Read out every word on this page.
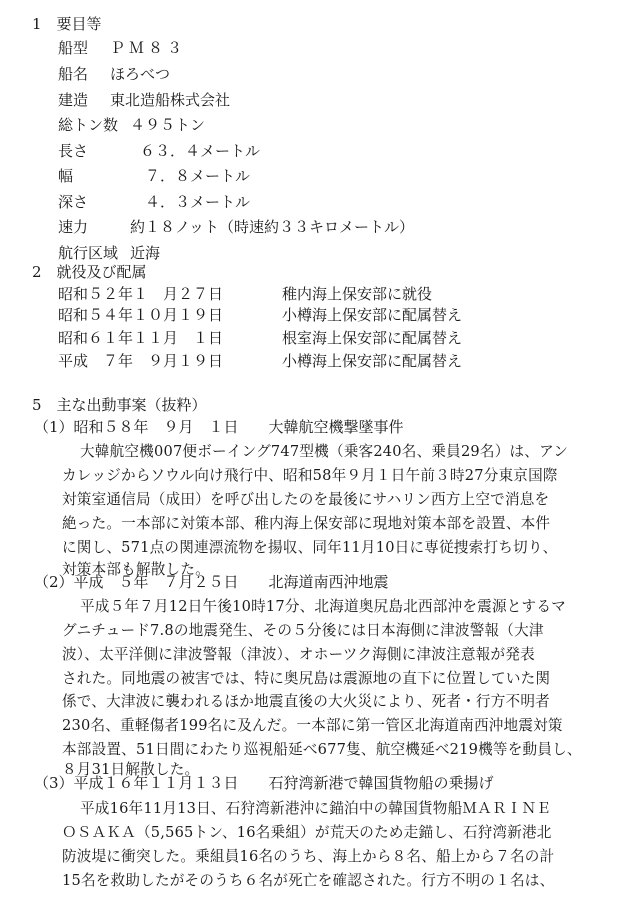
1　要目等
船型 ＰＭ８３
船名 ほろべつ
建造 東北造船株式会社
総トン数 ４９５トン
長さ	６３．４メートル
幅	７．８メートル
深さ	４．３メートル
速力	約１８ノット（時速約３３キロメートル）
航行区域 近海
2　就役及び配属
昭和５２年１　月２７日	稚内海上保安部に就役
昭和５４年１０月１９日	小樽海上保安部に配属替え
昭和６１年１１月　１日	根室海上保安部に配属替え
平成　７年　９月１９日	小樽海上保安部に配属替え
5　主な出動事案（抜粋）
（1）昭和５８年　９月　１日　　大韓航空機撃墜事件
大韓航空機007便ボーイング747型機（乗客240名、乗員29名）は、アン
カレッジからソウル向け飛行中、昭和58年９月１日午前３時27分東京国際
対策室通信局（成田）を呼び出したのを最後にサハリン西方上空で消息を
絶った。一本部に対策本部、稚内海上保安部に現地対策本部を設置、本件
に関し、571点の関連漂流物を揚収、同年11月10日に専従捜索打ち切り、
対策本部も解散した。
（2）平成　５年　７月２５日　　北海道南西沖地震
平成５年７月12日午後10時17分、北海道奥尻島北西部沖を震源とするマ
グニチュード7.8の地震発生、その５分後には日本海側に津波警報（大津
波）、太平洋側に津波警報（津波）、オホーツク海側に津波注意報が発表
された。同地震の被害では、特に奥尻島は震源地の直下に位置していた関
係で、大津波に襲われるほか地震直後の大火災により、死者・行方不明者
230名、重軽傷者199名に及んだ。一本部に第一管区北海道南西沖地震対策
本部設置、51日間にわたり巡視船延べ677隻、航空機延べ219機等を動員し、
８月31日解散した。
（3）平成１６年１１月１３日　　石狩湾新港で韓国貨物船の乗揚げ
平成16年11月13日、石狩湾新港沖に錨泊中の韓国貨物船ＭＡＲＩＮＥ
ＯＳＡＫＡ（5,565トン、16名乗組）が荒天のため走錨し、石狩湾新港北
防波堤に衝突した。乗組員16名のうち、海上から８名、船上から７名の計
15名を救助したがそのうち６名が死亡を確認された。行方不明の１名は、
